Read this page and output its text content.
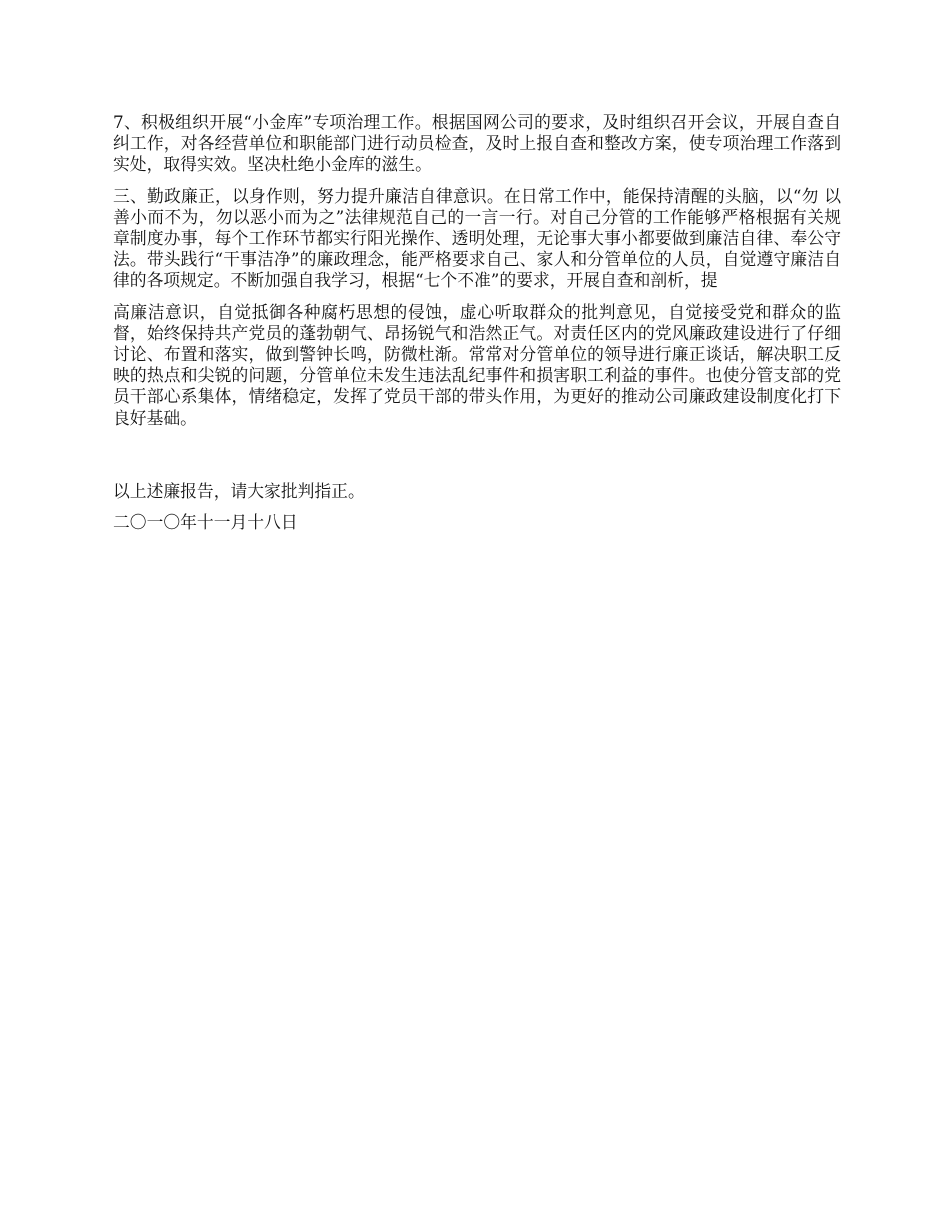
7、积极组织开展“小金库”专项治理工作。根据国网公司的要求，及时组织召开会议，开展自查自纠工作，对各经营单位和职能部门进行动员检查，及时上报自查和整改方案，使专项治理工作落到实处，取得实效。坚决杜绝小金库的滋生。

三、勤政廉正，以身作则，努力提升廉洁自律意识。在日常工作中，能保持清醒的头脑，以“勿 以善小而不为，勿以恶小而为之”法律规范自己的一言一行。对自己分管的工作能够严格根据有关规章制度办事，每个工作环节都实行阳光操作、透明处理，无论事大事小都要做到廉洁自律、奉公守法。带头践行“干事洁净”的廉政理念，能严格要求自己、家人和分管单位的人员，自觉遵守廉洁自律的各项规定。不断加强自我学习，根据“七个不准”的要求，开展自查和剖析，提

高廉洁意识，自觉抵御各种腐朽思想的侵蚀，虚心听取群众的批判意见，自觉接受党和群众的监督，始终保持共产党员的蓬勃朝气、昂扬锐气和浩然正气。对责任区内的党风廉政建设进行了仔细讨论、布置和落实，做到警钟长鸣，防微杜渐。常常对分管单位的领导进行廉正谈话，解决职工反映的热点和尖锐的问题，分管单位未发生违法乱纪事件和损害职工利益的事件。也使分管支部的党员干部心系集体，情绪稳定，发挥了党员干部的带头作用，为更好的推动公司廉政建设制度化打下良好基础。

以上述廉报告，请大家批判指正。

二〇一〇年十一月十八日
